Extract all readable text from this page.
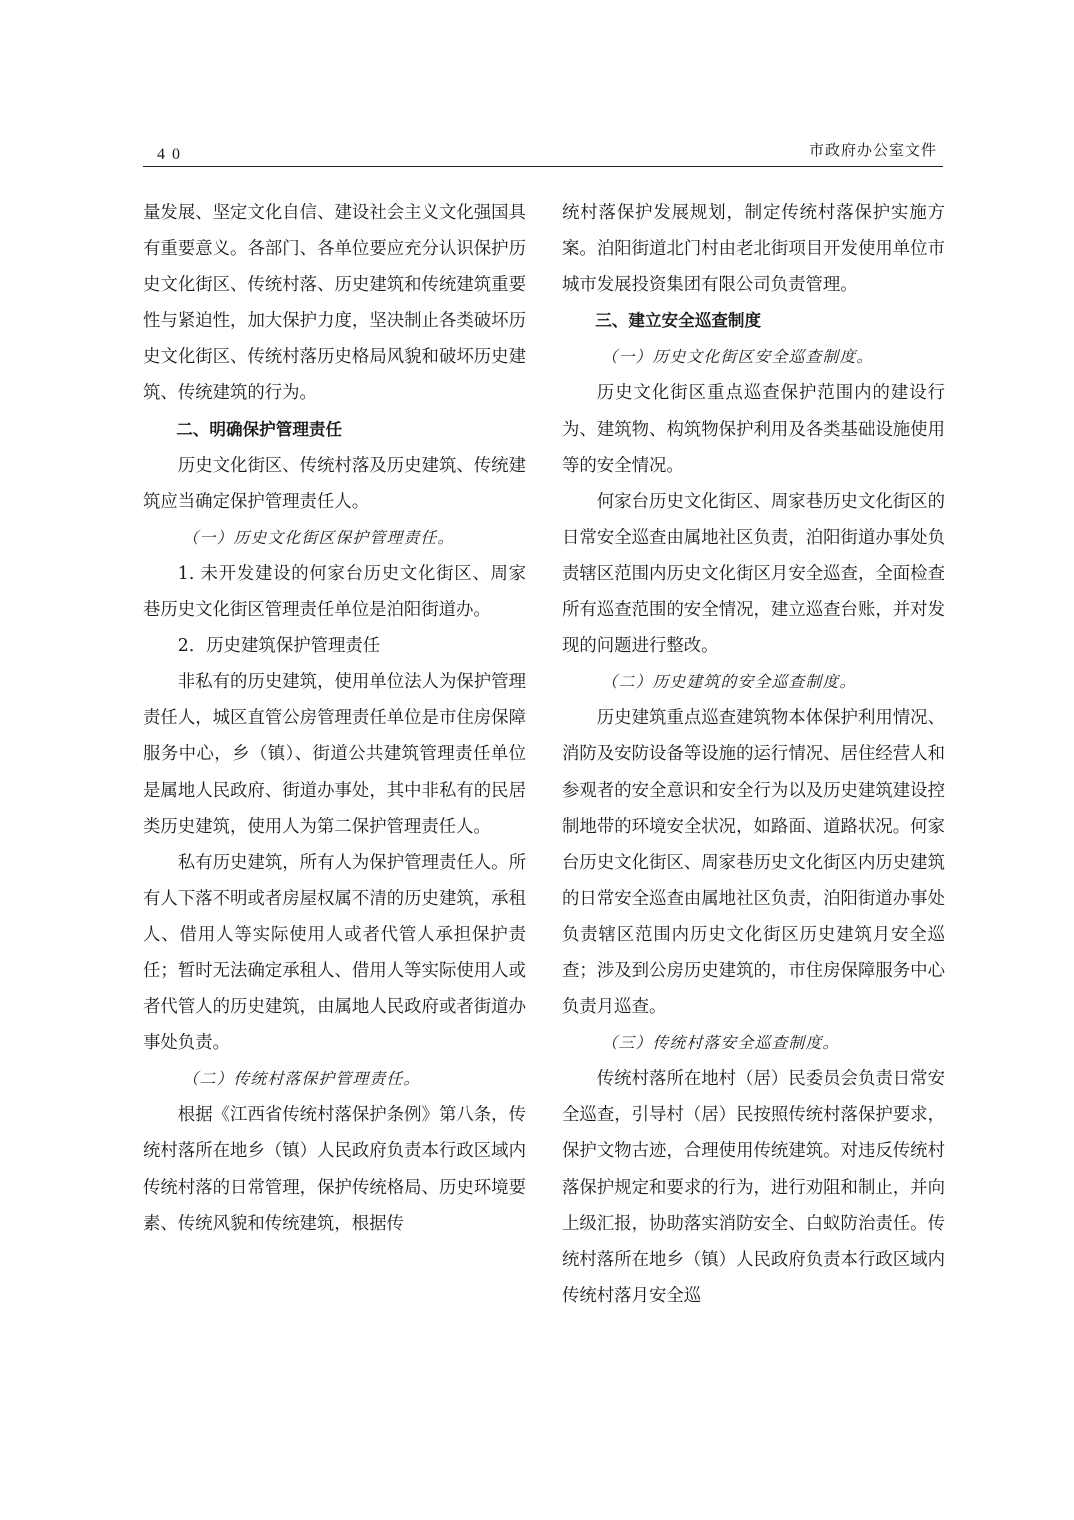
40	市政府办公室文件

量发展、坚定文化自信、建设社会主义文化强国具有重要意义。各部门、各单位要应充分认识保护历史文化街区、传统村落、历史建筑和传统建筑重要性与紧迫性，加大保护力度，坚决制止各类破坏历史文化街区、传统村落历史格局风貌和破坏历史建筑、传统建筑的行为。

二、明确保护管理责任

历史文化街区、传统村落及历史建筑、传统建筑应当确定保护管理责任人。

（一）历史文化街区保护管理责任。

1. 未开发建设的何家台历史文化街区、周家巷历史文化街区管理责任单位是泊阳街道办。

2．历史建筑保护管理责任

非私有的历史建筑，使用单位法人为保护管理责任人，城区直管公房管理责任单位是市住房保障服务中心，乡（镇）、街道公共建筑管理责任单位是属地人民政府、街道办事处，其中非私有的民居类历史建筑，使用人为第二保护管理责任人。

私有历史建筑，所有人为保护管理责任人。所有人下落不明或者房屋权属不清的历史建筑，承租人、借用人等实际使用人或者代管人承担保护责任；暂时无法确定承租人、借用人等实际使用人或者代管人的历史建筑，由属地人民政府或者街道办事处负责。

（二）传统村落保护管理责任。

根据《江西省传统村落保护条例》第八条，传统村落所在地乡（镇）人民政府负责本行政区域内传统村落的日常管理，保护传统格局、历史环境要素、传统风貌和传统建筑，根据传

统村落保护发展规划，制定传统村落保护实施方案。泊阳街道北门村由老北街项目开发使用单位市城市发展投资集团有限公司负责管理。

三、建立安全巡查制度

（一）历史文化街区安全巡查制度。

历史文化街区重点巡查保护范围内的建设行为、建筑物、构筑物保护利用及各类基础设施使用等的安全情况。

何家台历史文化街区、周家巷历史文化街区的日常安全巡查由属地社区负责，泊阳街道办事处负责辖区范围内历史文化街区月安全巡查，全面检查所有巡查范围的安全情况，建立巡查台账，并对发现的问题进行整改。

（二）历史建筑的安全巡查制度。

历史建筑重点巡查建筑物本体保护利用情况、消防及安防设备等设施的运行情况、居住经营人和参观者的安全意识和安全行为以及历史建筑建设控制地带的环境安全状况，如路面、道路状况。何家台历史文化街区、周家巷历史文化街区内历史建筑的日常安全巡查由属地社区负责，泊阳街道办事处负责辖区范围内历史文化街区历史建筑月安全巡查；涉及到公房历史建筑的，市住房保障服务中心负责月巡查。

（三）传统村落安全巡查制度。

传统村落所在地村（居）民委员会负责日常安全巡查，引导村（居）民按照传统村落保护要求，保护文物古迹，合理使用传统建筑。对违反传统村落保护规定和要求的行为，进行劝阻和制止，并向上级汇报，协助落实消防安全、白蚁防治责任。传统村落所在地乡（镇）人民政府负责本行政区域内传统村落月安全巡
